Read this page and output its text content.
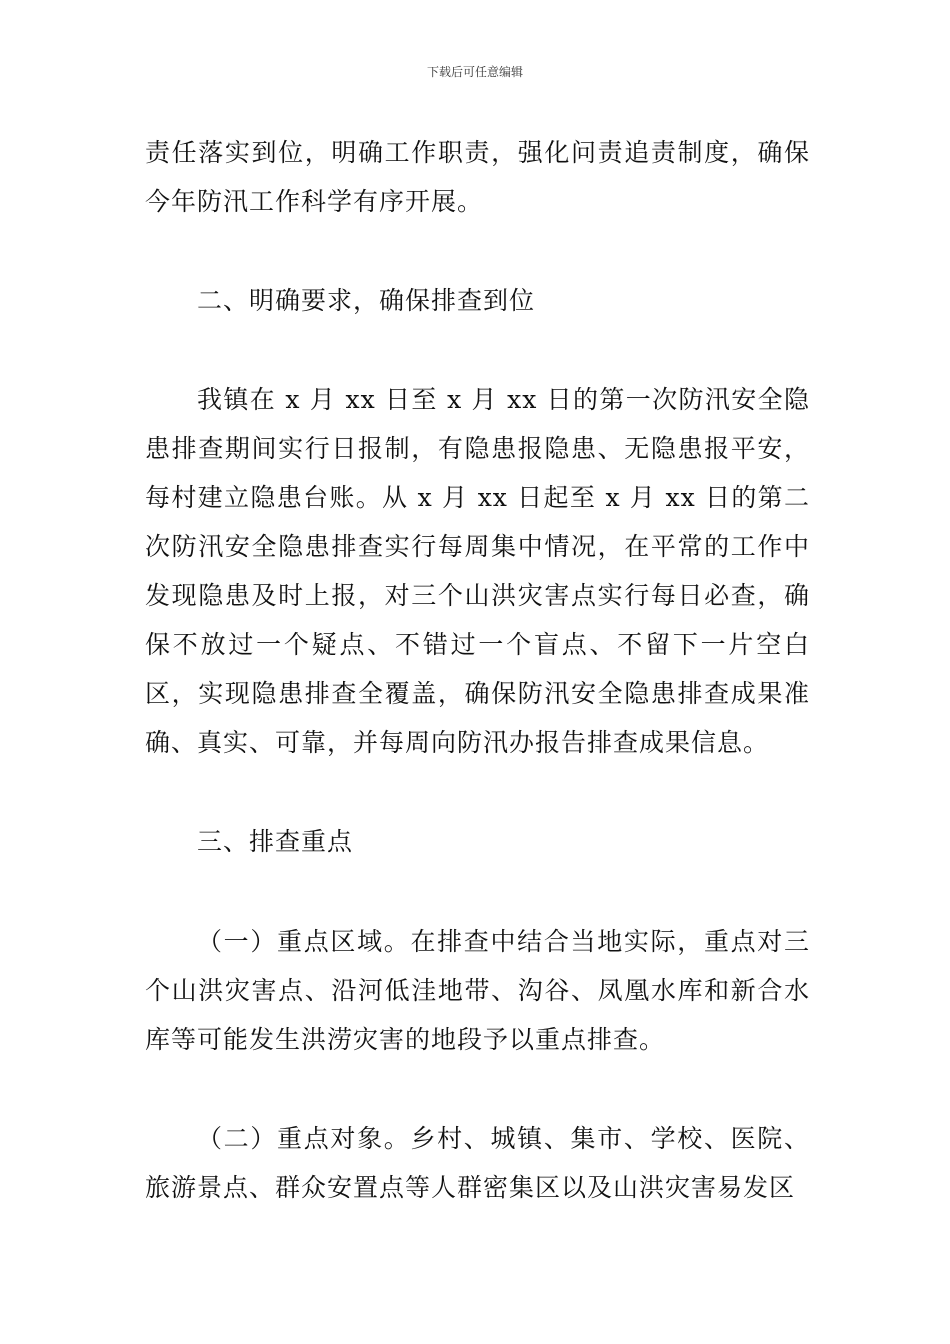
下载后可任意编辑

责任落实到位，明确工作职责，强化问责追责制度，确保今年防汛工作科学有序开展。

二、明确要求，确保排查到位

我镇在 x 月 xx 日至 x 月 xx 日的第一次防汛安全隐患排查期间实行日报制，有隐患报隐患、无隐患报平安，每村建立隐患台账。从 x 月 xx 日起至 x 月 xx 日的第二次防汛安全隐患排查实行每周集中情况，在平常的工作中发现隐患及时上报，对三个山洪灾害点实行每日必查，确保不放过一个疑点、不错过一个盲点、不留下一片空白区，实现隐患排查全覆盖，确保防汛安全隐患排查成果准确、真实、可靠，并每周向防汛办报告排查成果信息。

三、排查重点

（一）重点区域。在排查中结合当地实际，重点对三个山洪灾害点、沿河低洼地带、沟谷、凤凰水库和新合水库等可能发生洪涝灾害的地段予以重点排查。

（二）重点对象。乡村、城镇、集市、学校、医院、旅游景点、群众安置点等人群密集区以及山洪灾害易发区
